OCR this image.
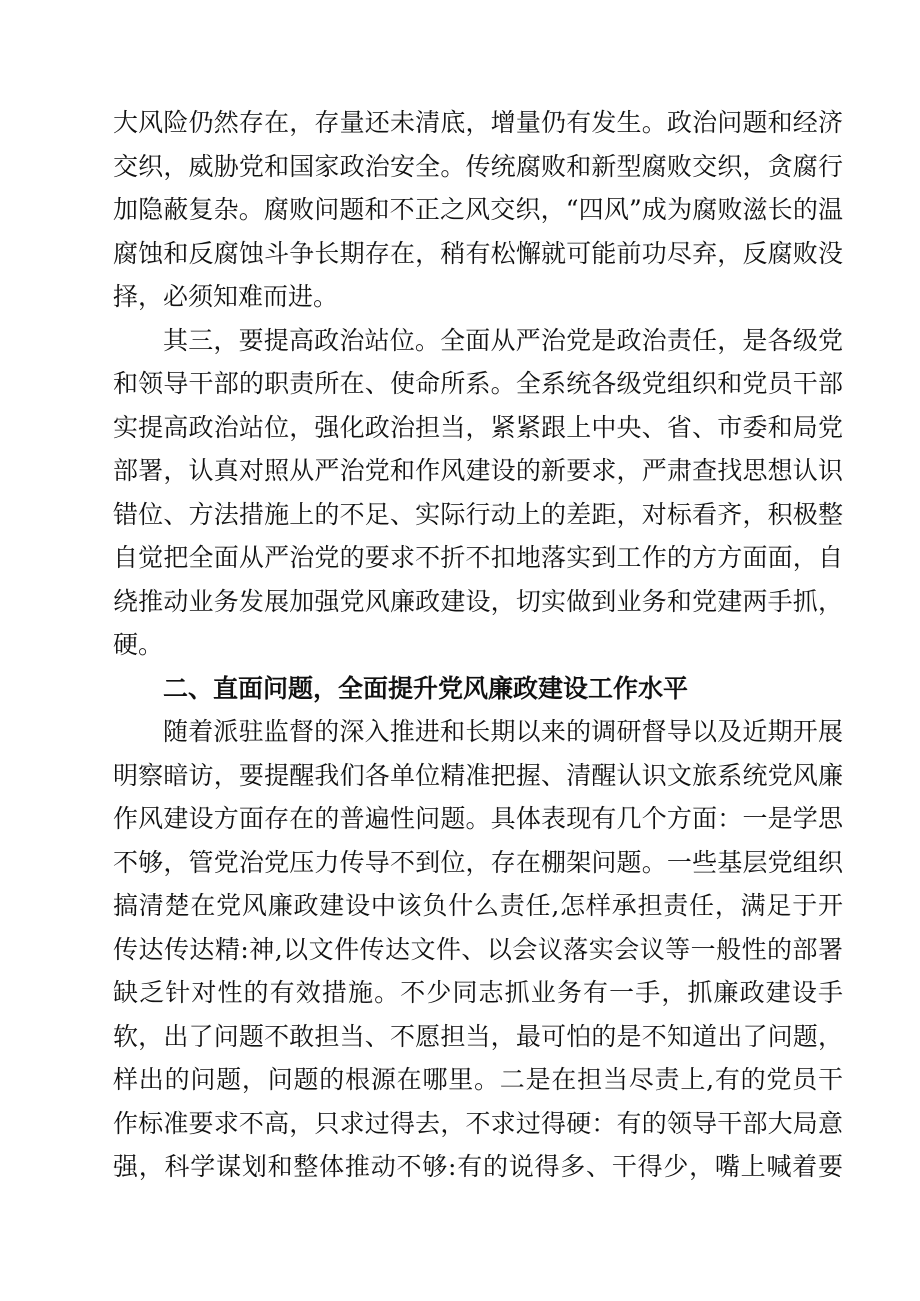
大风险仍然存在，存量还未清底，增量仍有发生。政治问题和经济
交织，威胁党和国家政治安全。传统腐败和新型腐败交织，贪腐行
加隐蔽复杂。腐败问题和不正之风交织，“四风”成为腐败滋长的温
腐蚀和反腐蚀斗争长期存在，稍有松懈就可能前功尽弃，反腐败没
择，必须知难而进。
其三，要提高政治站位。全面从严治党是政治责任，是各级党
和领导干部的职责所在、使命所系。全系统各级党组织和党员干部
实提高政治站位，强化政治担当，紧紧跟上中央、省、市委和局党
部署，认真对照从严治党和作风建设的新要求，严肃查找思想认识
错位、方法措施上的不足、实际行动上的差距，对标看齐，积极整
自觉把全面从严治党的要求不折不扣地落实到工作的方方面面，自
绕推动业务发展加强党风廉政建设，切实做到业务和党建两手抓，
硬。
二、直面问题，全面提升党风廉政建设工作水平
随着派驻监督的深入推进和长期以来的调研督导以及近期开展
明察暗访，要提醒我们各单位精准把握、清醒认识文旅系统党风廉
作风建设方面存在的普遍性问题。具体表现有几个方面：一是学思
不够，管党治党压力传导不到位，存在棚架问题。一些基层党组织
搞清楚在党风廉政建设中该负什么责任,怎样承担责任，满足于开
传达传达精:神,以文件传达文件、以会议落实会议等一般性的部署
缺乏针对性的有效措施。不少同志抓业务有一手，抓廉政建设手
软，出了问题不敢担当、不愿担当，最可怕的是不知道出了问题，
样出的问题，问题的根源在哪里。二是在担当尽责上,有的党员干
作标准要求不高，只求过得去，不求过得硬：有的领导干部大局意
强，科学谋划和整体推动不够:有的说得多、干得少，嘴上喊着要
